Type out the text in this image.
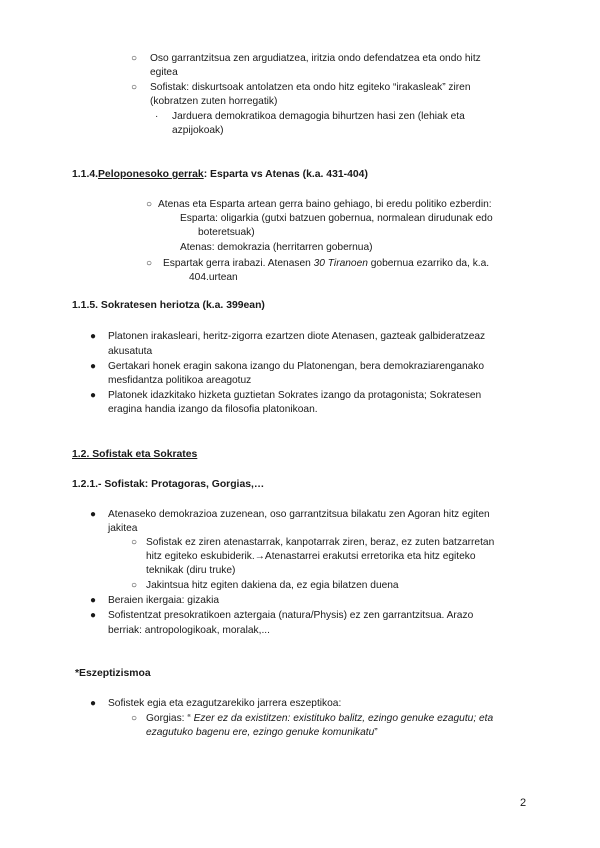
○ Oso garrantzitsua zen argudiatzea, iritzia ondo defendatzea eta ondo hitz
egitea
○ Sofistak: diskurtsoak antolatzen eta ondo hitz egiteko “irakasleak” ziren
(kobratzen zuten horregatik)
· Jarduera demokratikoa demagogia bihurtzen hasi zen (lehiak eta
azpijokoak)
1.1.4.Peloponesoko gerrak: Esparta vs Atenas (k.a. 431-404)
○ Atenas eta Esparta artean gerra baino gehiago, bi eredu politiko ezberdin:
Esparta: oligarkia (gutxi batzuen gobernua, normalean dirudunak edo
boteretsuak)
Atenas: demokrazia (herritarren gobernua)
○ Espartak gerra irabazi. Atenasen 30 Tiranoen gobernua ezarriko da, k.a.
404.urtean
1.1.5. Sokratesen heriotza (k.a. 399ean)
● Platonen irakasleari, heritz-zigorra ezartzen diote Atenasen, gazteak galbideratzeaz
akusatuta
● Gertakari honek eragin sakona izango du Platonengan, bera demokraziarenganako
mesfidantza politikoa areagotuz
● Platonek idazkitako hizketa guztietan Sokrates izango da protagonista; Sokratesen
eragina handia izango da filosofia platonikoan.
1.2. Sofistak eta Sokrates
1.2.1.- Sofistak: Protagoras, Gorgias,…
● Atenaseko demokrazioa zuzenean, oso garrantzitsua bilakatu zen Agoran hitz egiten
jakitea
○ Sofistak ez ziren atenastarrak, kanpotarrak ziren, beraz, ez zuten batzarretan
hitz egiteko eskubiderik.→Atenastarrei erakutsi erretorika eta hitz egiteko
teknikak (diru truke)
○ Jakintsua hitz egiten dakiena da, ez egia bilatzen duena
● Beraien ikergaia: gizakia
● Sofistentzat presokratikoen aztergaia (natura/Physis) ez zen garrantzitsua. Arazo
berriak: antropologikoak, moralak,...
*Eszeptizismoa
● Sofistek egia eta ezagutzarekiko jarrera eszeptikoa:
○ Gorgias: “ Ezer ez da existitzen: existituko balitz, ezingo genuke ezagutu; eta
ezagutuko bagenu ere, ezingo genuke komunikatu”
2
